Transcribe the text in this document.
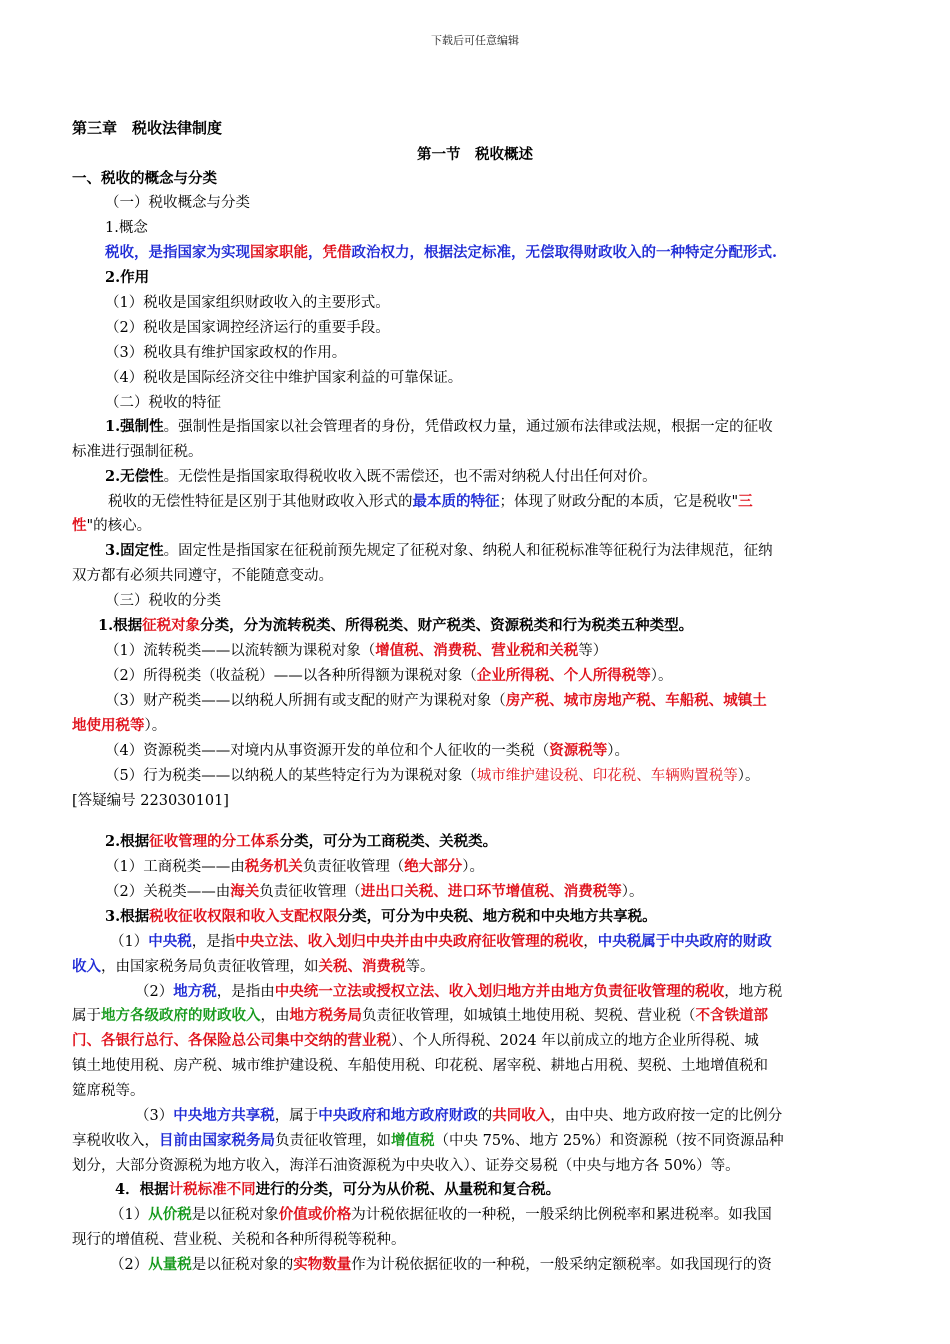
下载后可任意编辑
第三章　税收法律制度
第一节　税收概述
一、税收的概念与分类
（一）税收概念与分类
1.概念
税收，是指国家为实现国家职能，凭借政治权力，根据法定标准，无偿取得财政收入的一种特定分配形式.
2.作用
（1）税收是国家组织财政收入的主要形式。
（2）税收是国家调控经济运行的重要手段。
（3）税收具有维护国家政权的作用。
（4）税收是国际经济交往中维护国家利益的可靠保证。
（二）税收的特征
1.强制性。强制性是指国家以社会管理者的身份，凭借政权力量，通过颁布法律或法规，根据一定的征收
标准进行强制征税。
2.无偿性。无偿性是指国家取得税收收入既不需偿还，也不需对纳税人付出任何对价。
税收的无偿性特征是区别于其他财政收入形式的最本质的特征；体现了财政分配的本质，它是税收"三
性"的核心。
3.固定性。固定性是指国家在征税前预先规定了征税对象、纳税人和征税标准等征税行为法律规范，征纳
双方都有必须共同遵守，不能随意变动。
（三）税收的分类
1.根据征税对象分类，分为流转税类、所得税类、财产税类、资源税类和行为税类五种类型。
（1）流转税类——以流转额为课税对象（增值税、消费税、营业税和关税等）
（2）所得税类（收益税）——以各种所得额为课税对象（企业所得税、个人所得税等）。
（3）财产税类——以纳税人所拥有或支配的财产为课税对象（房产税、城市房地产税、车船税、城镇土
地使用税等）。
（4）资源税类——对境内从事资源开发的单位和个人征收的一类税（资源税等）。
（5）行为税类——以纳税人的某些特定行为为课税对象（城市维护建设税、印花税、车辆购置税等）。
[答疑编号 223030101]
2.根据征收管理的分工体系分类，可分为工商税类、关税类。
（1）工商税类——由税务机关负责征收管理（绝大部分）。
（2）关税类——由海关负责征收管理（进出口关税、进口环节增值税、消费税等）。
3.根据税收征收权限和收入支配权限分类，可分为中央税、地方税和中央地方共享税。
（1）中央税，是指中央立法、收入划归中央并由中央政府征收管理的税收，中央税属于中央政府的财政
收入，由国家税务局负责征收管理，如关税、消费税等。
（2）地方税，是指由中央统一立法或授权立法、收入划归地方并由地方负责征收管理的税收，地方税
属于地方各级政府的财政收入，由地方税务局负责征收管理，如城镇土地使用税、契税、营业税（不含铁道部
门、各银行总行、各保险总公司集中交纳的营业税）、个人所得税、2024 年以前成立的地方企业所得税、城
镇土地使用税、房产税、城市维护建设税、车船使用税、印花税、屠宰税、耕地占用税、契税、土地增值税和
筵席税等。
（3）中央地方共享税，属于中央政府和地方政府财政的共同收入，由中央、地方政府按一定的比例分
享税收收入，目前由国家税务局负责征收管理，如增值税（中央 75%、地方 25%）和资源税（按不同资源品种
划分，大部分资源税为地方收入，海洋石油资源税为中央收入）、证券交易税（中央与地方各 50%）等。
4．根据计税标准不同进行的分类，可分为从价税、从量税和复合税。
（1）从价税是以征税对象价值或价格为计税依据征收的一种税，一般采纳比例税率和累进税率。如我国
现行的增值税、营业税、关税和各种所得税等税种。
（2）从量税是以征税对象的实物数量作为计税依据征收的一种税，一般采纳定额税率。如我国现行的资
